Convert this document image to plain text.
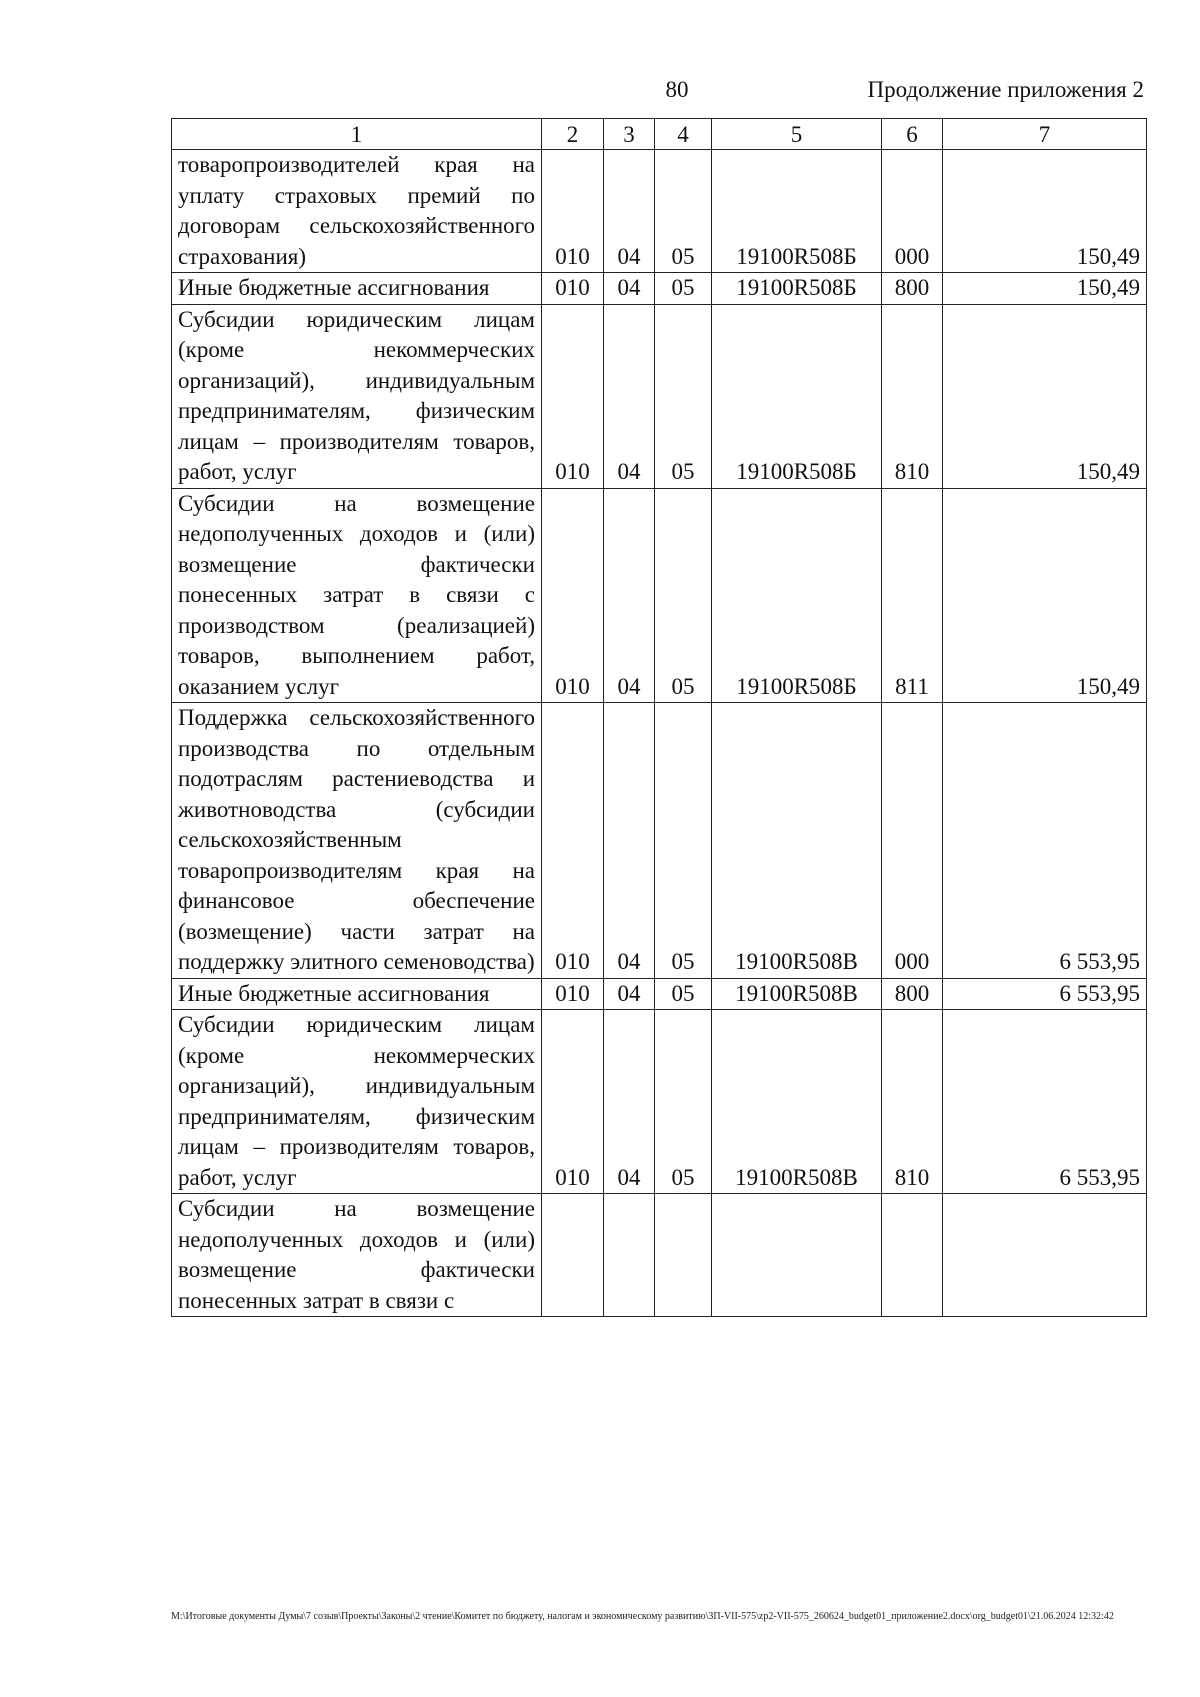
80	Продолжение приложения 2
1	2	3	4	5	6	7
товаропроизводителей края на уплату страховых премий по договорам сельскохозяйственного страхования)	010	04	05	19100R508Б	000	150,49
Иные бюджетные ассигнования	010	04	05	19100R508Б	800	150,49
Субсидии юридическим лицам (кроме некоммерческих организаций), индивидуальным предпринимателям, физическим лицам – производителям товаров, работ, услуг	010	04	05	19100R508Б	810	150,49
Субсидии на возмещение недополученных доходов и (или) возмещение фактически понесенных затрат в связи с производством (реализацией) товаров, выполнением работ, оказанием услуг	010	04	05	19100R508Б	811	150,49
Поддержка сельскохозяйственного производства по отдельным подотраслям растениеводства и животноводства (субсидии сельскохозяйственным товаропроизводителям края на финансовое обеспечение (возмещение) части затрат на поддержку элитного семеноводства)	010	04	05	19100R508В	000	6 553,95
Иные бюджетные ассигнования	010	04	05	19100R508В	800	6 553,95
Субсидии юридическим лицам (кроме некоммерческих организаций), индивидуальным предпринимателям, физическим лицам – производителям товаров, работ, услуг	010	04	05	19100R508В	810	6 553,95
Субсидии на возмещение недополученных доходов и (или) возмещение фактически понесенных затрат в связи с						
M:\Итоговые документы Думы\7 созыв\Проекты\Законы\2 чтение\Комитет по бюджету, налогам и экономическому развитию\ЗП-VII-575\zp2-VII-575_260624_budget01_приложение2.docx\org_budget01\21.06.2024 12:32:42
